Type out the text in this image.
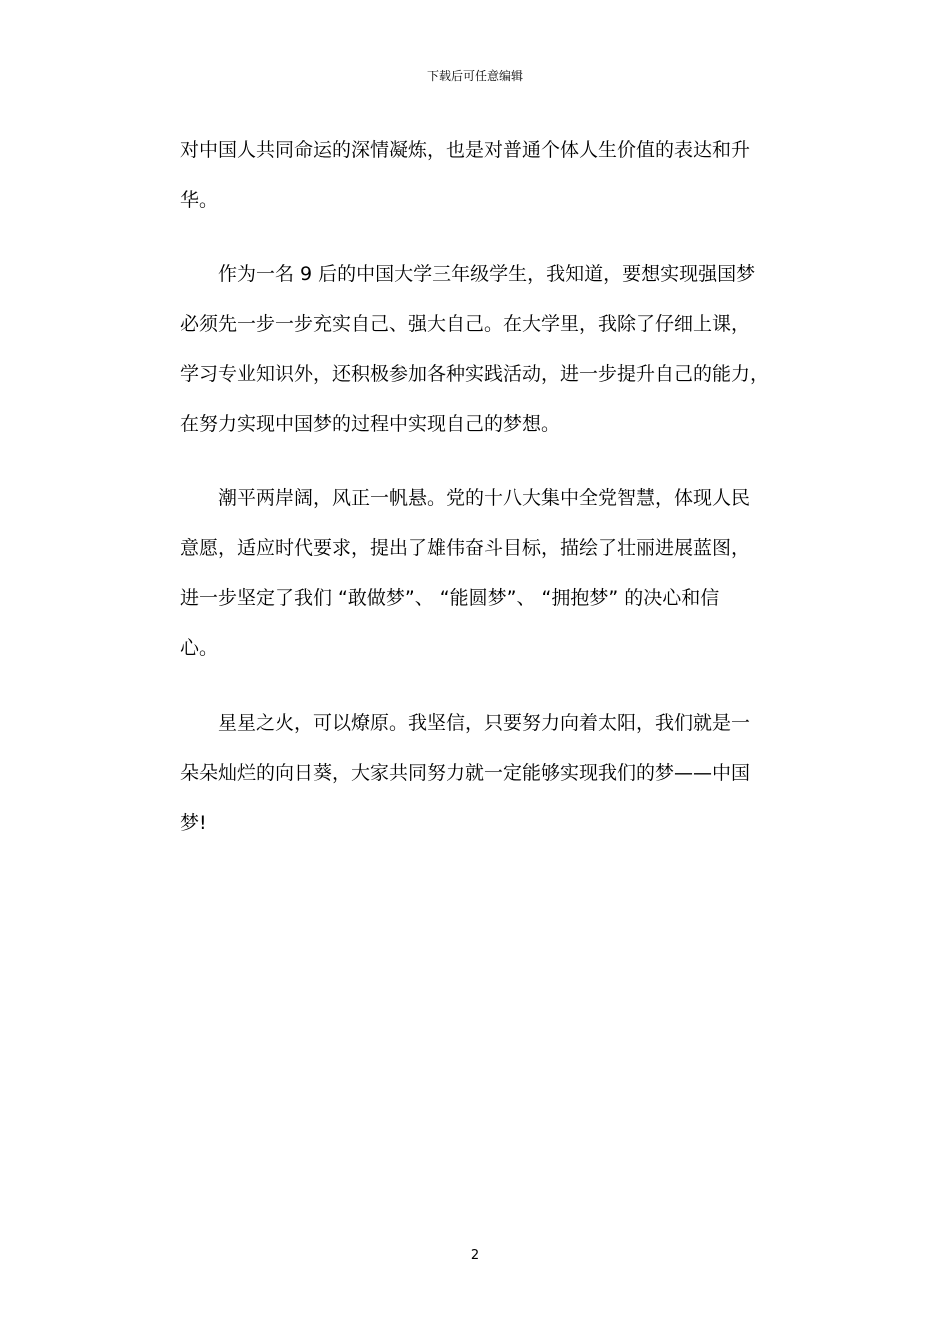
下载后可任意编辑
对中国人共同命运的深情凝炼，也是对普通个体人生价值的表达和升
华。
作为一名 9 后的中国大学三年级学生，我知道，要想实现强国梦
必须先一步一步充实自己、强大自己。在大学里，我除了仔细上课，
学习专业知识外，还积极参加各种实践活动，进一步提升自己的能力，
在努力实现中国梦的过程中实现自己的梦想。
潮平两岸阔，风正一帆悬。党的十八大集中全党智慧，体现人民
意愿，适应时代要求，提出了雄伟奋斗目标，描绘了壮丽进展蓝图，
进一步坚定了我们 “敢做梦”、 “能圆梦”、 “拥抱梦” 的决心和信
心。
星星之火，可以燎原。我坚信，只要努力向着太阳，我们就是一
朵朵灿烂的向日葵，大家共同努力就一定能够实现我们的梦——中国
梦!
2
